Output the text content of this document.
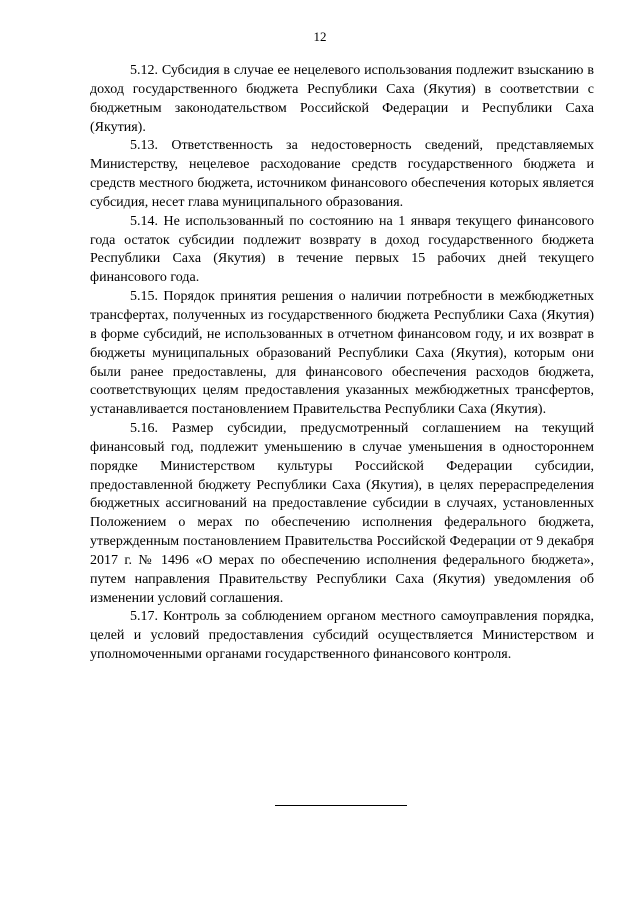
12

5.12. Субсидия в случае ее нецелевого использования подлежит взысканию в доход государственного бюджета Республики Саха (Якутия) в соответствии с бюджетным законодательством Российской Федерации и Республики Саха (Якутия).

5.13. Ответственность за недостоверность сведений, представляемых Министерству, нецелевое расходование средств государственного бюджета и средств местного бюджета, источником финансового обеспечения которых является субсидия, несет глава муниципального образования.

5.14. Не использованный по состоянию на 1 января текущего финансового года остаток субсидии подлежит возврату в доход государственного бюджета Республики Саха (Якутия) в течение первых 15 рабочих дней текущего финансового года.

5.15. Порядок принятия решения о наличии потребности в межбюджетных трансфертах, полученных из государственного бюджета Республики Саха (Якутия) в форме субсидий, не использованных в отчетном финансовом году, и их возврат в бюджеты муниципальных образований Республики Саха (Якутия), которым они были ранее предоставлены, для финансового обеспечения расходов бюджета, соответствующих целям предоставления указанных межбюджетных трансфертов, устанавливается постановлением Правительства Республики Саха (Якутия).

5.16. Размер субсидии, предусмотренный соглашением на текущий финансовый год, подлежит уменьшению в случае уменьшения в одностороннем порядке Министерством культуры Российской Федерации субсидии, предоставленной бюджету Республики Саха (Якутия), в целях перераспределения бюджетных ассигнований на предоставление субсидии в случаях, установленных Положением о мерах по обеспечению исполнения федерального бюджета, утвержденным постановлением Правительства Российской Федерации от 9 декабря 2017 г. № 1496 «О мерах по обеспечению исполнения федерального бюджета», путем направления Правительству Республики Саха (Якутия) уведомления об изменении условий соглашения.

5.17. Контроль за соблюдением органом местного самоуправления порядка, целей и условий предоставления субсидий осуществляется Министерством и уполномоченными органами государственного финансового контроля.
